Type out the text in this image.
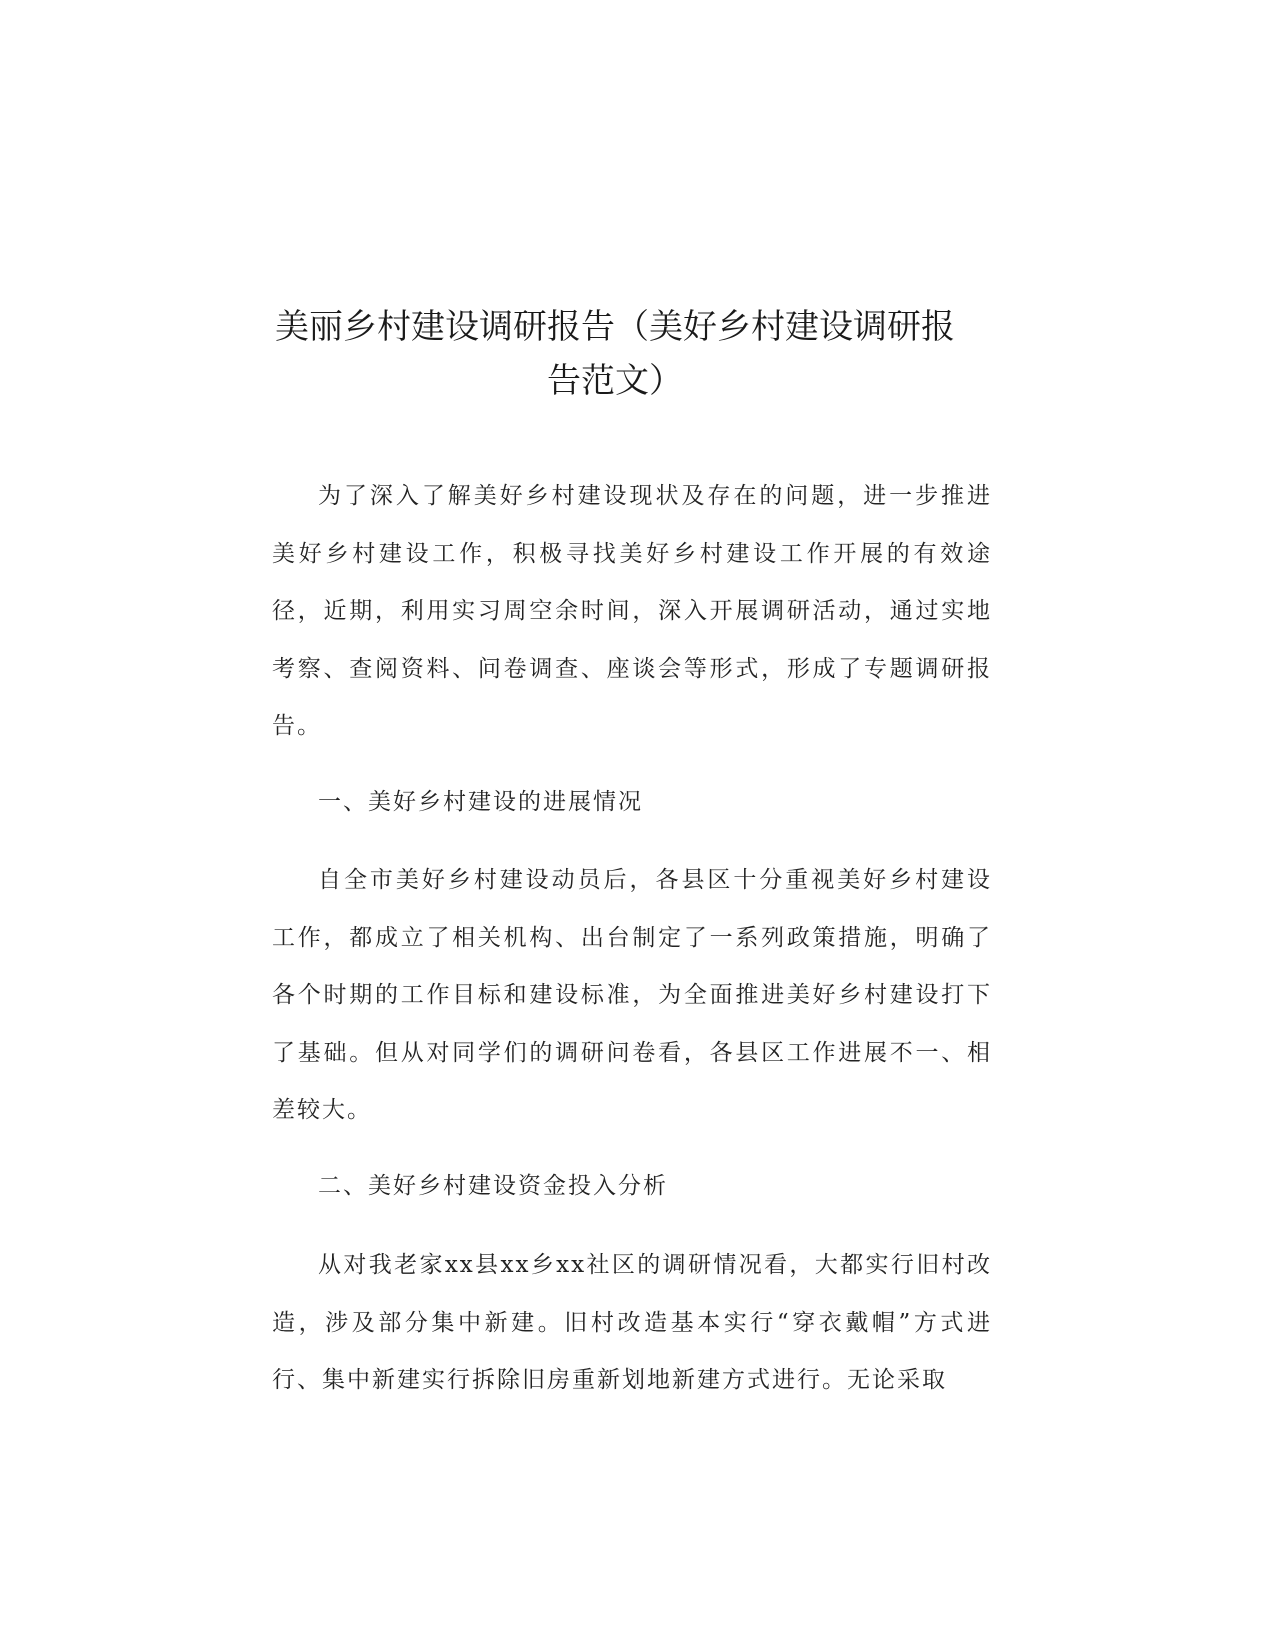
美丽乡村建设调研报告（美好乡村建设调研报告范文）

为了深入了解美好乡村建设现状及存在的问题，进一步推进美好乡村建设工作，积极寻找美好乡村建设工作开展的有效途径，近期，利用实习周空余时间，深入开展调研活动，通过实地考察、查阅资料、问卷调查、座谈会等形式，形成了专题调研报告。

一、美好乡村建设的进展情况

自全市美好乡村建设动员后，各县区十分重视美好乡村建设工作，都成立了相关机构、出台制定了一系列政策措施，明确了各个时期的工作目标和建设标准，为全面推进美好乡村建设打下了基础。但从对同学们的调研问卷看，各县区工作进展不一、相差较大。

二、美好乡村建设资金投入分析

从对我老家xx县xx乡xx社区的调研情况看，大都实行旧村改造，涉及部分集中新建。旧村改造基本实行“穿衣戴帽”方式进行、集中新建实行拆除旧房重新划地新建方式进行。无论采取
